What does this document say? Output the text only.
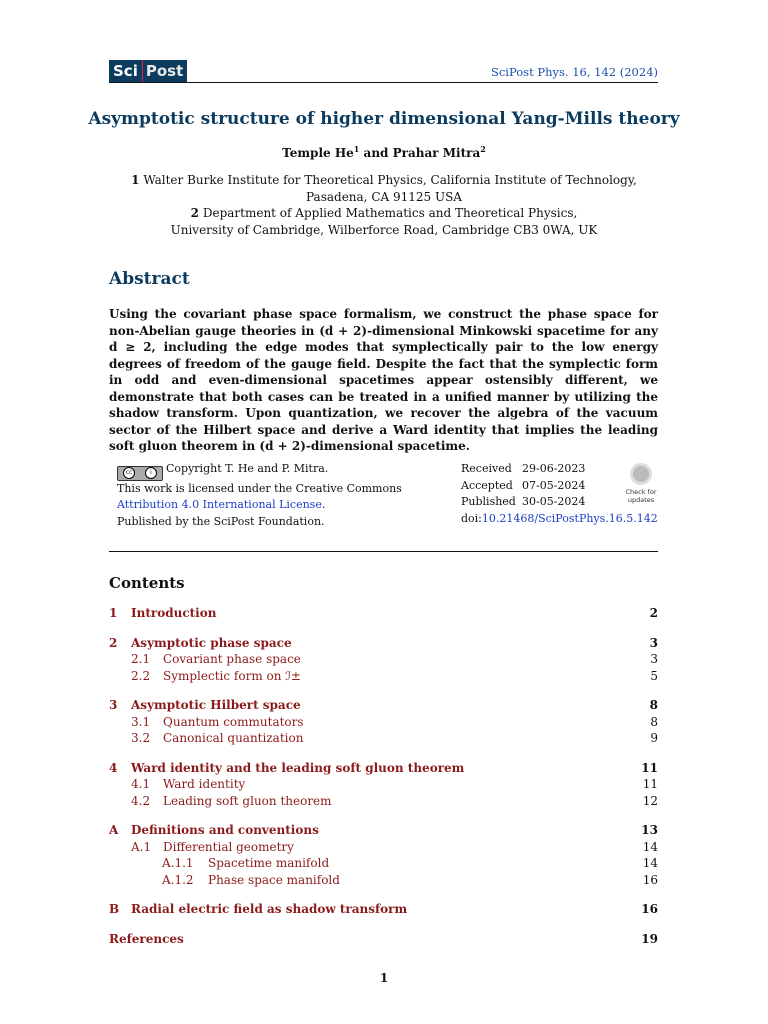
Sci Post	SciPost Phys. 16, 142 (2024)
Asymptotic structure of higher dimensional Yang-Mills theory
Temple He$^1$ and Prahar Mitra$^2$
1 Walter Burke Institute for Theoretical Physics, California Institute of Technology,
Pasadena, CA 91125 USA
2 Department of Applied Mathematics and Theoretical Physics,
University of Cambridge, Wilberforce Road, Cambridge CB3 0WA, UK
Abstract
Using the covariant phase space formalism, we construct the phase space for non-Abelian gauge theories in (d + 2)-dimensional Minkowski spacetime for any d ≥ 2, including the edge modes that symplectically pair to the low energy degrees of freedom of the gauge field. Despite the fact that the symplectic form in odd and even-dimensional spacetimes appear ostensibly different, we demonstrate that both cases can be treated in a unified manner by utilizing the shadow transform. Upon quantization, we recover the algebra of the vacuum sector of the Hilbert space and derive a Ward identity that implies the leading soft gluon theorem in (d + 2)-dimensional spacetime.
cc	i	Copyright T. He and P. Mitra.
This work is licensed under the Creative Commons
Attribution 4.0 International License.
Published by the SciPost Foundation.
Received 29-06-2023
Accepted 07-05-2024
Published 30-05-2024
doi:10.21468/SciPostPhys.16.5.142
Check for
updates
Contents
1 Introduction	2
2 Asymptotic phase space	3
2.1 Covariant phase space	3
2.2 Symplectic form on ℐ±	5
3 Asymptotic Hilbert space	8
3.1 Quantum commutators	8
3.2 Canonical quantization	9
4 Ward identity and the leading soft gluon theorem	11
4.1 Ward identity	11
4.2 Leading soft gluon theorem	12
A Definitions and conventions	13
A.1 Differential geometry	14
A.1.1 Spacetime manifold	14
A.1.2 Phase space manifold	16
B Radial electric field as shadow transform	16
References	19
1
